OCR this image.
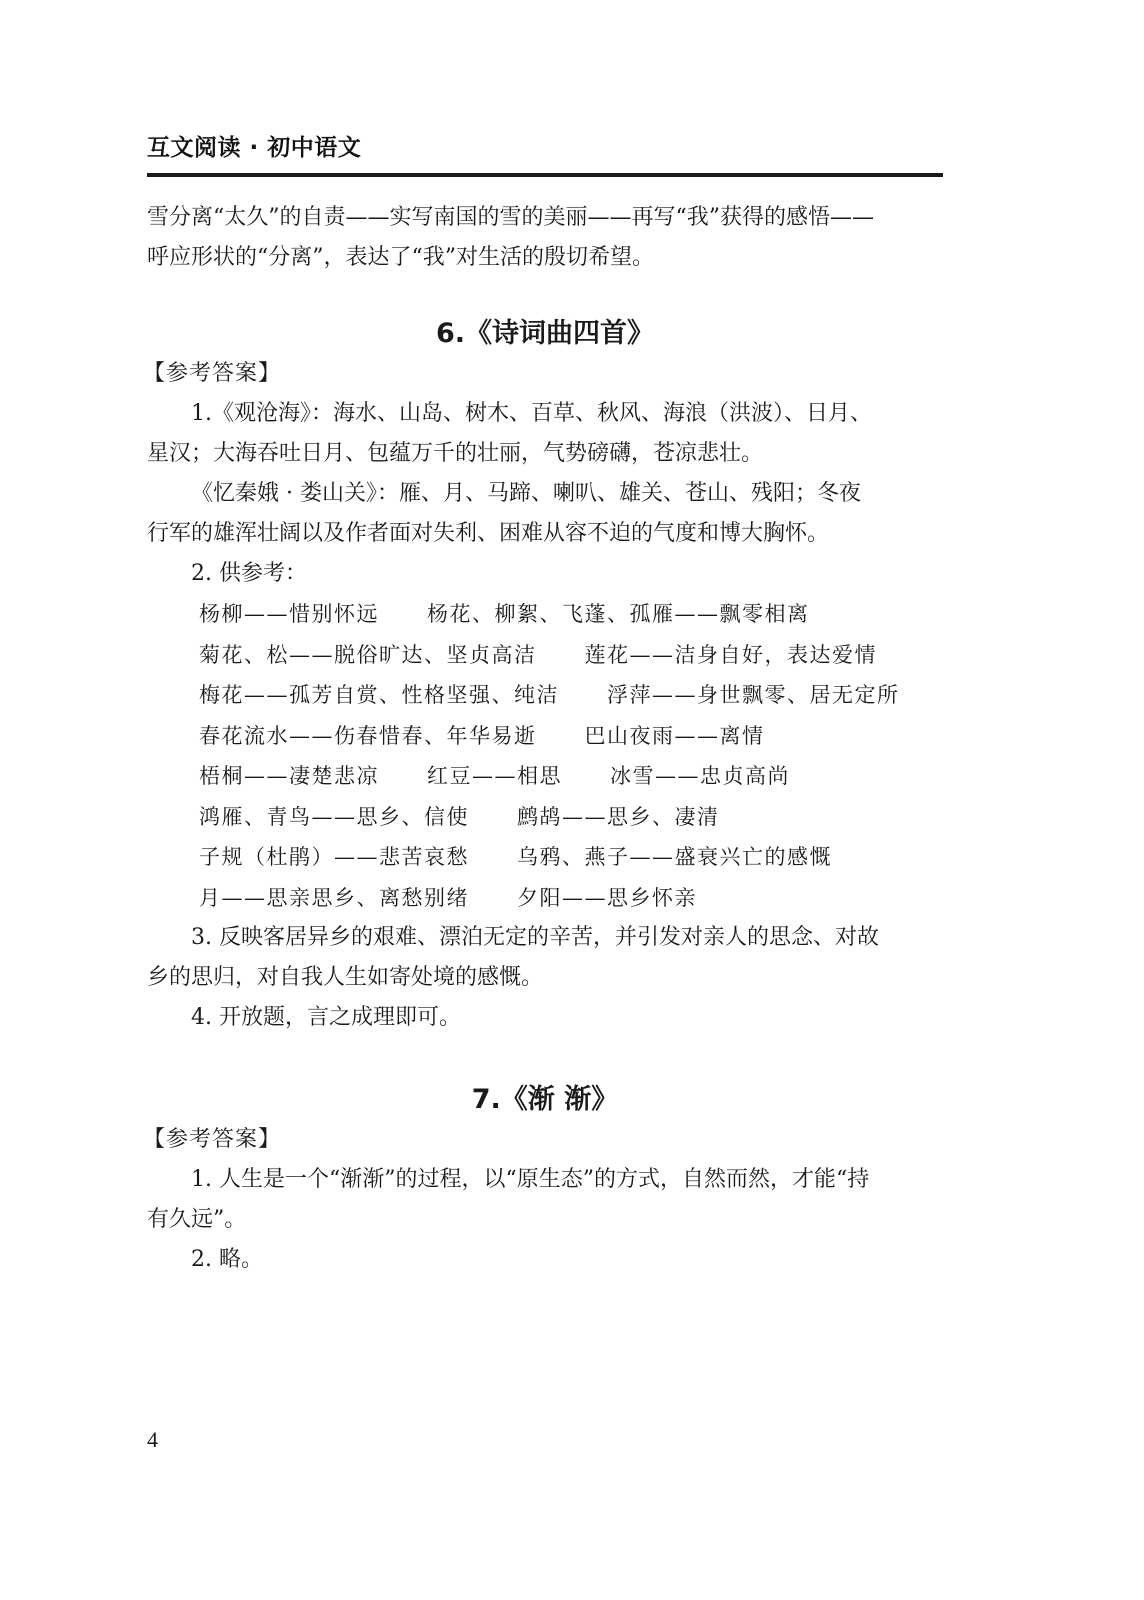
互文阅读 · 初中语文

雪分离“太久”的自责——实写南国的雪的美丽——再写“我”获得的感悟——

呼应形状的“分离”，表达了“我”对生活的殷切希望。

6.《诗词曲四首》
【参考答案】

1.《观沧海》：海水、山岛、树木、百草、秋风、海浪（洪波）、日月、

星汉；大海吞吐日月、包蕴万千的壮丽，气势磅礴，苍凉悲壮。

《忆秦娥 · 娄山关》：雁、月、马蹄、喇叭、雄关、苍山、残阳；冬夜

行军的雄浑壮阔以及作者面对失利、困难从容不迫的气度和博大胸怀。

2. 供参考：

杨柳——惜别怀远 杨花、柳絮、飞蓬、孤雁——飘零相离
菊花、松——脱俗旷达、坚贞高洁 莲花——洁身自好，表达爱情
梅花——孤芳自赏、性格坚强、纯洁 浮萍——身世飘零、居无定所
春花流水——伤春惜春、年华易逝 巴山夜雨——离情
梧桐——凄楚悲凉 红豆——相思 冰雪——忠贞高尚
鸿雁、青鸟——思乡、信使 鹧鸪——思乡、凄清
子规（杜鹃）——悲苦哀愁 乌鸦、燕子——盛衰兴亡的感慨
月——思亲思乡、离愁别绪 夕阳——思乡怀亲

3. 反映客居异乡的艰难、漂泊无定的辛苦，并引发对亲人的思念、对故

乡的思归，对自我人生如寄处境的感慨。

4. 开放题，言之成理即可。

7.《渐 渐》
【参考答案】

1. 人生是一个“渐渐”的过程，以“原生态”的方式，自然而然，才能“持

有久远”。

2. 略。

4
